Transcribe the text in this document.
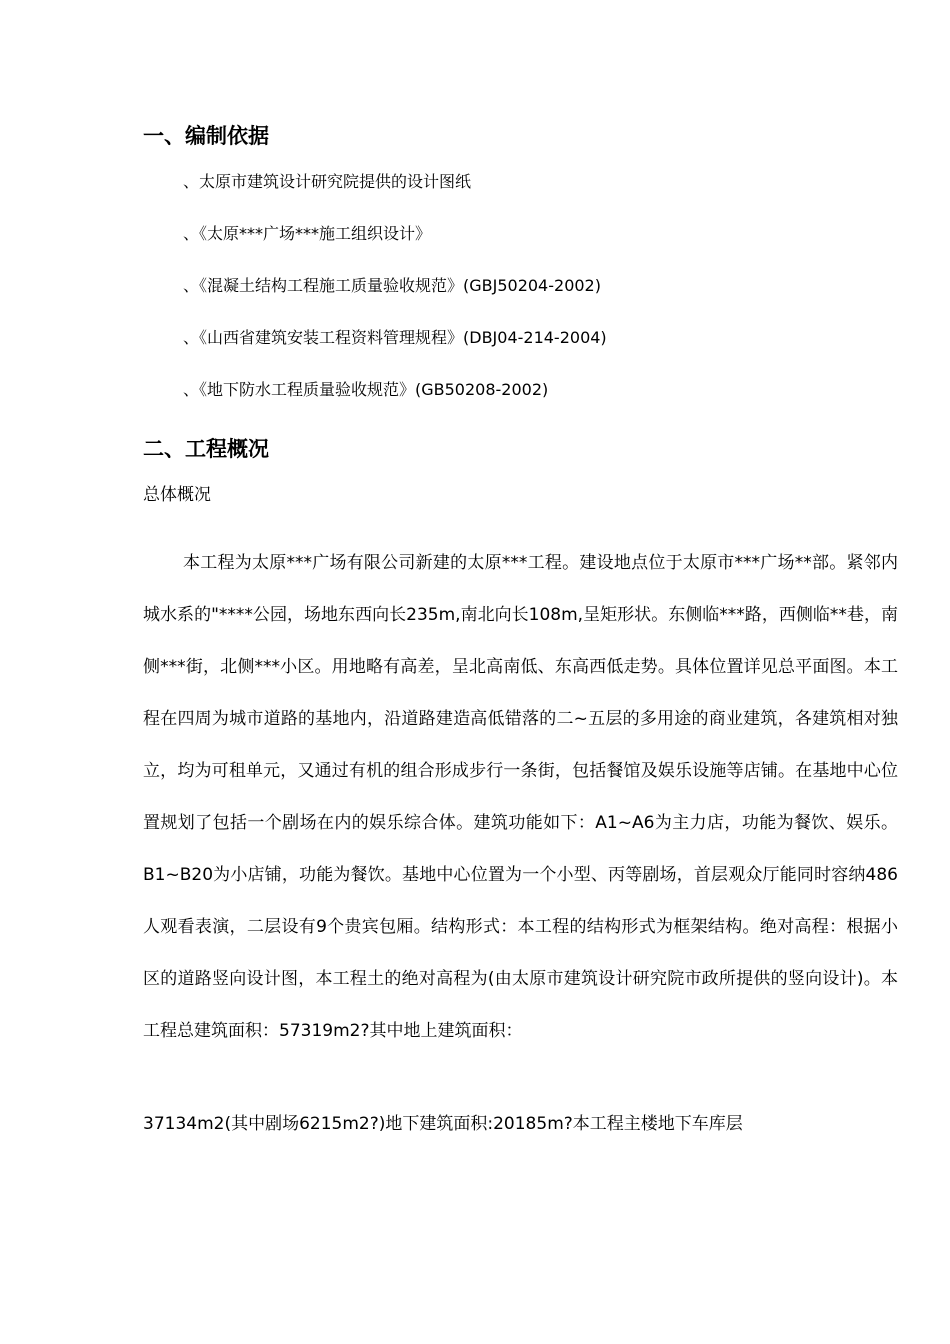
一、编制依据
、太原市建筑设计研究院提供的设计图纸
、《太原***广场***施工组织设计》
、《混凝土结构工程施工质量验收规范》(GBJ50204-2002)
、《山西省建筑安装工程资料管理规程》(DBJ04-214-2004)
、《地下防水工程质量验收规范》(GB50208-2002)
二、工程概况
总体概况

本工程为太原***广场有限公司新建的太原***工程。建设地点位于太原市***广场**部。紧邻内城水系的"****公园，场地东西向长235m,南北向长108m,呈矩形状。东侧临***路，西侧临**巷，南侧***街，北侧***小区。用地略有高差，呈北高南低、东高西低走势。具体位置详见总平面图。本工程在四周为城市道路的基地内，沿道路建造高低错落的二~五层的多用途的商业建筑，各建筑相对独立，均为可租单元，又通过有机的组合形成步行一条街，包括餐馆及娱乐设施等店铺。在基地中心位置规划了包括一个剧场在内的娱乐综合体。建筑功能如下：A1~A6为主力店，功能为餐饮、娱乐。B1~B20为小店铺，功能为餐饮。基地中心位置为一个小型、丙等剧场，首层观众厅能同时容纳486人观看表演，二层设有9个贵宾包厢。结构形式：本工程的结构形式为框架结构。绝对高程：根据小区的道路竖向设计图，本工程土的绝对高程为(由太原市建筑设计研究院市政所提供的竖向设计)。本工程总建筑面积：57319m2?其中地上建筑面积：

37134m2(其中剧场6215m2?)地下建筑面积:20185m?本工程主楼地下车库层
